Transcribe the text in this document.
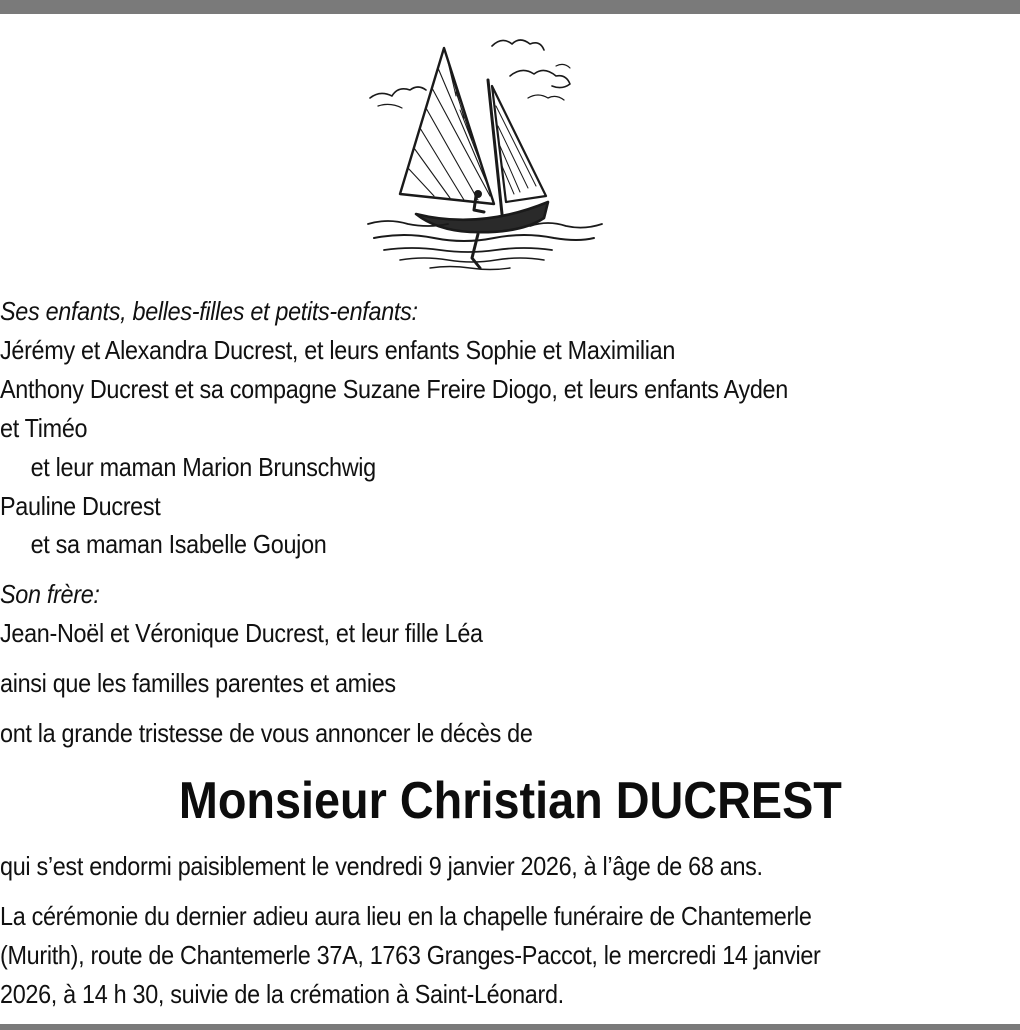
Ses enfants, belles-filles et petits-enfants:
Jérémy et Alexandra Ducrest, et leurs enfants Sophie et Maximilian
Anthony Ducrest et sa compagne Suzane Freire Diogo, et leurs enfants Ayden
et Timéo
et leur maman Marion Brunschwig
Pauline Ducrest
et sa maman Isabelle Goujon
Son frère:
Jean-Noël et Véronique Ducrest, et leur fille Léa
ainsi que les familles parentes et amies
ont la grande tristesse de vous annoncer le décès de
Monsieur Christian DUCREST
qui s’est endormi paisiblement le vendredi 9 janvier 2026, à l’âge de 68 ans.
La cérémonie du dernier adieu aura lieu en la chapelle funéraire de Chantemerle
(Murith), route de Chantemerle 37A, 1763 Granges-Paccot, le mercredi 14 janvier
2026, à 14 h 30, suivie de la crémation à Saint-Léonard.
